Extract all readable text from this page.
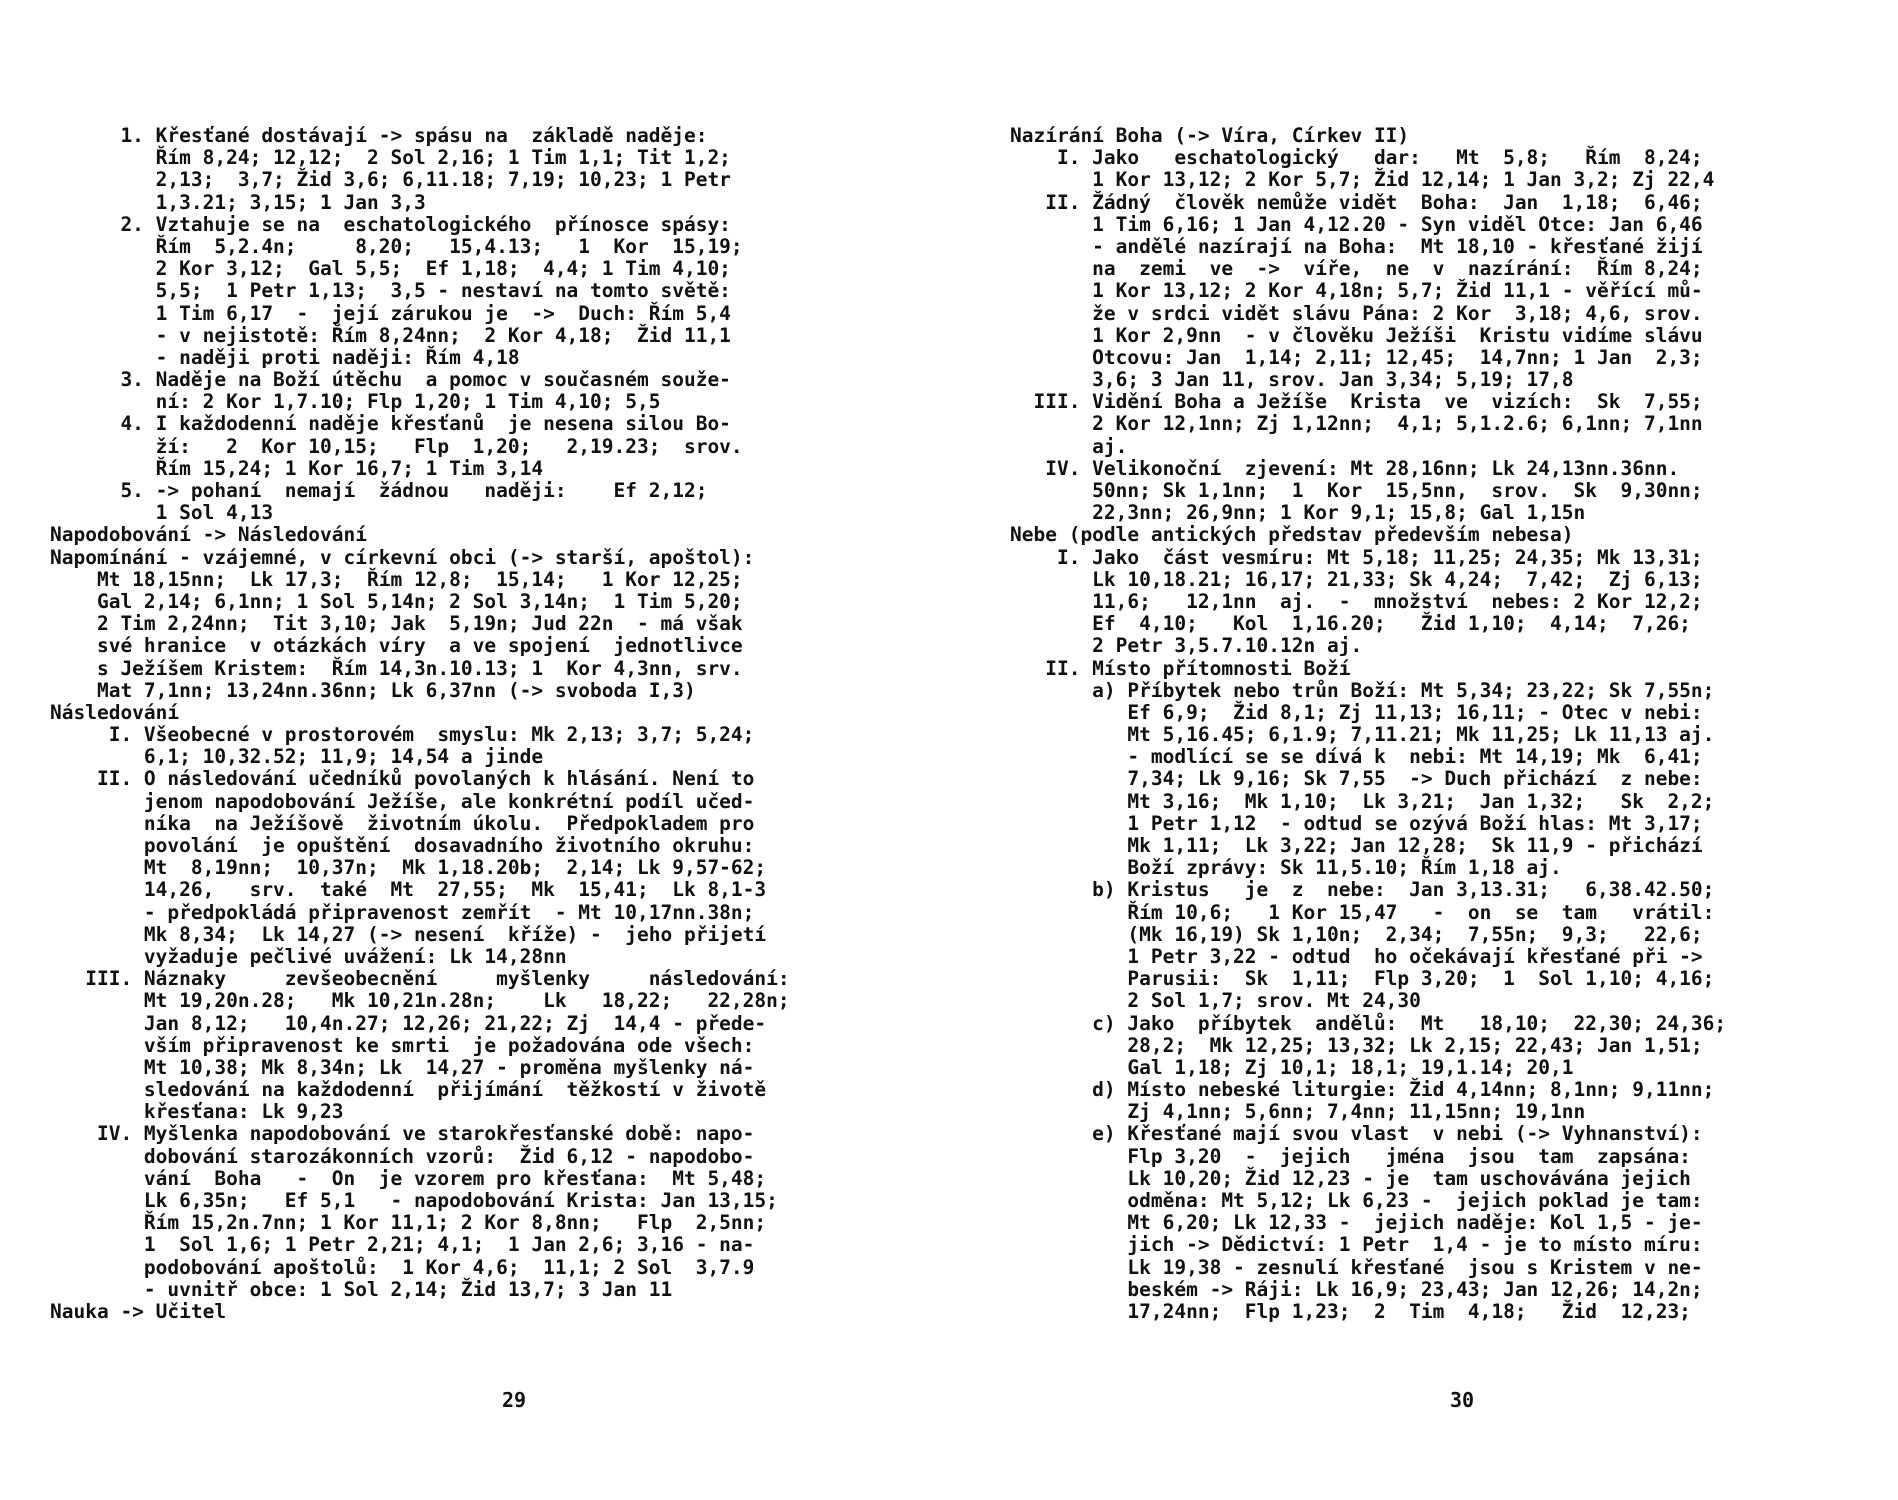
1. Křesťané dostávají -> spásu na  základě naděje:
Řím 8,24; 12,12;  2 Sol 2,16; 1 Tim 1,1; Tit 1,2;
2,13;  3,7; Žid 3,6; 6,11.18; 7,19; 10,23; 1 Petr
1,3.21; 3,15; 1 Jan 3,3
2. Vztahuje se na  eschatologického  přínosce spásy:
Řím  5,2.4n;     8,20;   15,4.13;   1  Kor  15,19;
2 Kor 3,12;  Gal 5,5;  Ef 1,18;  4,4; 1 Tim 4,10;
5,5;  1 Petr 1,13;  3,5 - nestaví na tomto světě:
1 Tim 6,17  -  její zárukou je  ->  Duch: Řím 5,4
- v nejistotě: Řím 8,24nn;  2 Kor 4,18;  Žid 11,1
- naději proti naději: Řím 4,18
3. Naděje na Boží útěchu  a pomoc v současném souže-
ní: 2 Kor 1,7.10; Flp 1,20; 1 Tim 4,10; 5,5
4. I každodenní naděje křesťanů  je nesena silou Bo-
ží:   2  Kor 10,15;   Flp  1,20;   2,19.23;  srov.
Řím 15,24; 1 Kor 16,7; 1 Tim 3,14
5. -> pohaní  nemají  žádnou   naději:    Ef 2,12;
1 Sol 4,13
Napodobování -> Následování
Napomínání - vzájemné, v církevní obci (-> starší, apoštol):
Mt 18,15nn;  Lk 17,3;  Řím 12,8;  15,14;   1 Kor 12,25;
Gal 2,14; 6,1nn; 1 Sol 5,14n; 2 Sol 3,14n;  1 Tim 5,20;
2 Tim 2,24nn;  Tit 3,10; Jak  5,19n; Jud 22n  - má však
své hranice  v otázkách víry  a ve spojení  jednotlivce
s Ježíšem Kristem:  Řím 14,3n.10.13; 1  Kor 4,3nn, srv.
Mat 7,1nn; 13,24nn.36nn; Lk 6,37nn (-> svoboda I,3)
Následování
I. Všeobecné v prostorovém  smyslu: Mk 2,13; 3,7; 5,24;
6,1; 10,32.52; 11,9; 14,54 a jinde
II. O následování učedníků povolaných k hlásání. Není to
jenom napodobování Ježíše, ale konkrétní podíl učed-
níka  na Ježíšově  životním úkolu.  Předpokladem pro
povolání  je opuštění  dosavadního životního okruhu:
Mt  8,19nn;  10,37n;  Mk 1,18.20b;  2,14; Lk 9,57-62;
14,26,   srv.  také  Mt  27,55;  Mk  15,41;  Lk 8,1-3
- předpokládá připravenost zemřít  - Mt 10,17nn.38n;
Mk 8,34;  Lk 14,27 (-> nesení  kříže) -  jeho přijetí
vyžaduje pečlivé uvážení: Lk 14,28nn
III. Náznaky     zevšeobecnění     myšlenky     následování:
Mt 19,20n.28;   Mk 10,21n.28n;    Lk   18,22;   22,28n;
Jan 8,12;   10,4n.27; 12,26; 21,22; Zj  14,4 - přede-
vším připravenost ke smrti  je požadována ode všech:
Mt 10,38; Mk 8,34n; Lk  14,27 - proměna myšlenky ná-
sledování na každodenní  přijímání  těžkostí v životě
křesťana: Lk 9,23
IV. Myšlenka napodobování ve starokřesťanské době: napo-
dobování starozákonních vzorů:  Žid 6,12 - napodobo-
vání  Boha   -  On  je vzorem pro křesťana:  Mt 5,48;
Lk 6,35n;   Ef 5,1   - napodobování Krista: Jan 13,15;
Řím 15,2n.7nn; 1 Kor 11,1; 2 Kor 8,8nn;   Flp  2,5nn;
1  Sol 1,6; 1 Petr 2,21; 4,1;  1 Jan 2,6; 3,16 - na-
podobování apoštolů:  1 Kor 4,6;  11,1; 2 Sol  3,7.9
- uvnitř obce: 1 Sol 2,14; Žid 13,7; 3 Jan 11
Nauka -> Učitel
Nazírání Boha (-> Víra, Církev II)
I. Jako   eschatologický   dar:   Mt  5,8;   Řím  8,24;
1 Kor 13,12; 2 Kor 5,7; Žid 12,14; 1 Jan 3,2; Zj 22,4
II. Žádný  člověk nemůže vidět  Boha:  Jan  1,18;  6,46;
1 Tim 6,16; 1 Jan 4,12.20 - Syn viděl Otce: Jan 6,46
- andělé nazírají na Boha:  Mt 18,10 - křesťané žijí
na  zemi  ve  ->  víře,  ne  v  nazírání:  Řím 8,24;
1 Kor 13,12; 2 Kor 4,18n; 5,7; Žid 11,1 - věřící mů-
že v srdci vidět slávu Pána: 2 Kor  3,18; 4,6, srov.
1 Kor 2,9nn  - v člověku Ježíši  Kristu vidíme slávu
Otcovu: Jan  1,14; 2,11; 12,45;  14,7nn; 1 Jan  2,3;
3,6; 3 Jan 11, srov. Jan 3,34; 5,19; 17,8
III. Vidění Boha a Ježíše  Krista  ve  vizích:  Sk  7,55;
2 Kor 12,1nn; Zj 1,12nn;  4,1; 5,1.2.6; 6,1nn; 7,1nn
aj.
IV. Velikonoční  zjevení: Mt 28,16nn; Lk 24,13nn.36nn.
50nn; Sk 1,1nn;  1  Kor  15,5nn,  srov.  Sk  9,30nn;
22,3nn; 26,9nn; 1 Kor 9,1; 15,8; Gal 1,15n
Nebe (podle antických představ především nebesa)
I. Jako  část vesmíru: Mt 5,18; 11,25; 24,35; Mk 13,31;
Lk 10,18.21; 16,17; 21,33; Sk 4,24;  7,42;  Zj 6,13;
11,6;   12,1nn  aj.  -  množství  nebes: 2 Kor 12,2;
Ef  4,10;   Kol  1,16.20;   Žid 1,10;  4,14;  7,26;
2 Petr 3,5.7.10.12n aj.
II. Místo přítomnosti Boží
a) Příbytek nebo trůn Boží: Mt 5,34; 23,22; Sk 7,55n;
Ef 6,9;  Žid 8,1; Zj 11,13; 16,11; - Otec v nebi:
Mt 5,16.45; 6,1.9; 7,11.21; Mk 11,25; Lk 11,13 aj.
- modlící se se dívá k  nebi: Mt 14,19; Mk  6,41;
7,34; Lk 9,16; Sk 7,55  -> Duch přichází  z nebe:
Mt 3,16;  Mk 1,10;  Lk 3,21;  Jan 1,32;   Sk  2,2;
1 Petr 1,12  - odtud se ozývá Boží hlas: Mt 3,17;
Mk 1,11;  Lk 3,22; Jan 12,28;  Sk 11,9 - přichází
Boží zprávy: Sk 11,5.10; Řím 1,18 aj.
b) Kristus   je  z  nebe:  Jan 3,13.31;   6,38.42.50;
Řím 10,6;   1 Kor 15,47   -  on  se  tam   vrátil:
(Mk 16,19) Sk 1,10n;  2,34;  7,55n;  9,3;   22,6;
1 Petr 3,22 - odtud  ho očekávají křesťané při ->
Parusii:  Sk  1,11;  Flp 3,20;  1  Sol 1,10; 4,16;
2 Sol 1,7; srov. Mt 24,30
c) Jako  příbytek  andělů:  Mt   18,10;  22,30; 24,36;
28,2;  Mk 12,25; 13,32; Lk 2,15; 22,43; Jan 1,51;
Gal 1,18; Zj 10,1; 18,1; 19,1.14; 20,1
d) Místo nebeské liturgie: Žid 4,14nn; 8,1nn; 9,11nn;
Zj 4,1nn; 5,6nn; 7,4nn; 11,15nn; 19,1nn
e) Křesťané mají svou vlast  v nebi (-> Vyhnanství):
Flp 3,20  -  jejich   jména  jsou  tam  zapsána:
Lk 10,20; Žid 12,23 - je  tam uschovávána jejich
odměna: Mt 5,12; Lk 6,23 -  jejich poklad je tam:
Mt 6,20; Lk 12,33 -  jejich naděje: Kol 1,5 - je-
jich -> Dědictví: 1 Petr  1,4 - je to místo míru:
Lk 19,38 - zesnulí křesťané  jsou s Kristem v ne-
beském -> Ráji: Lk 16,9; 23,43; Jan 12,26; 14,2n;
17,24nn;  Flp 1,23;  2  Tim  4,18;   Žid  12,23;
29	30
